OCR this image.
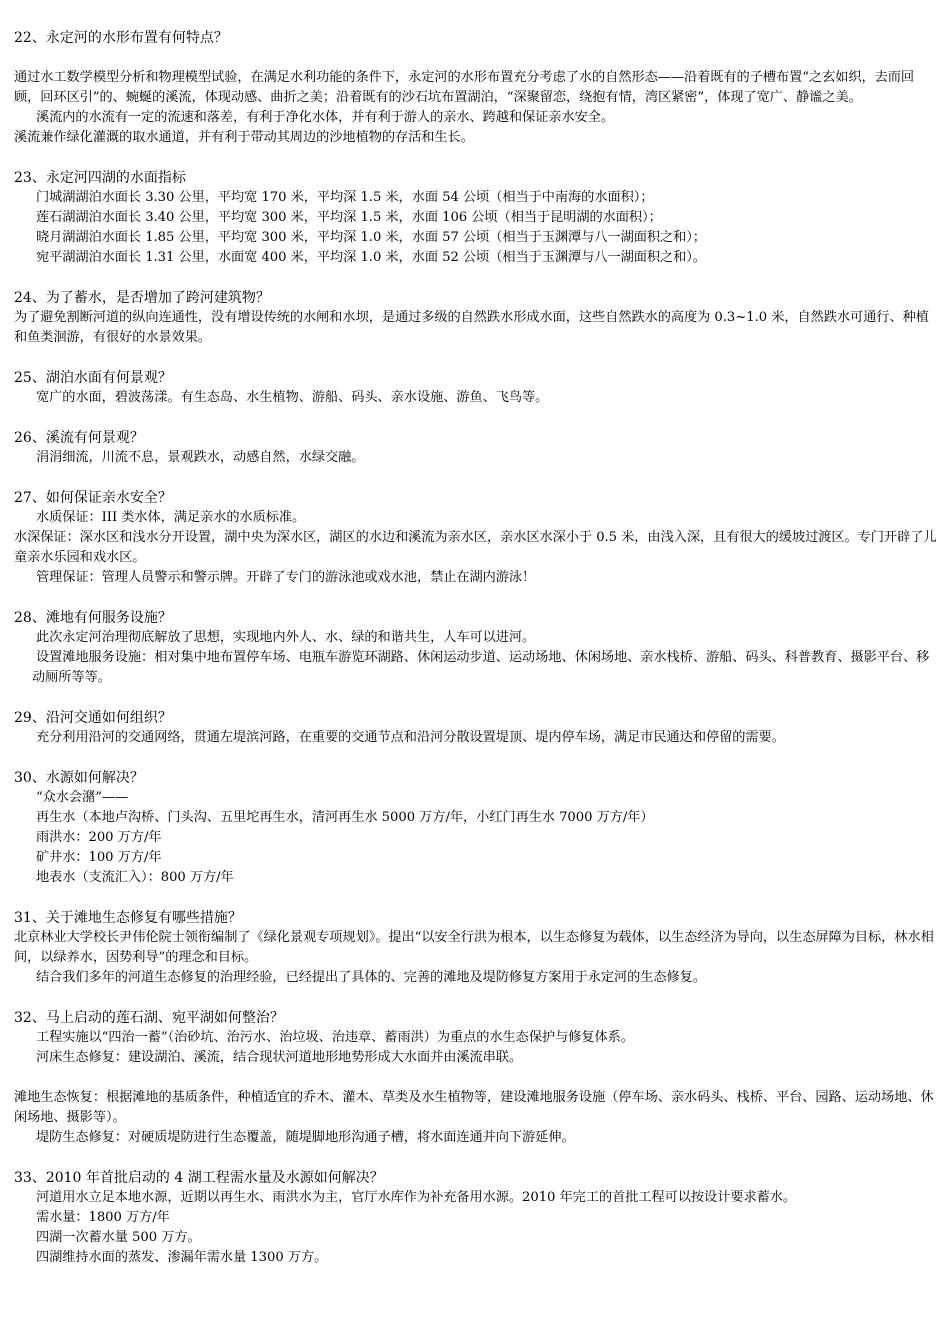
22、永定河的水形布置有何特点？
通过水工数学模型分析和物理模型试验，在满足水利功能的条件下，永定河的水形布置充分考虑了水的自然形态——沿着既有的子槽布置“之玄如织，去而回顾，回环区引”的、蜿蜒的溪流，体现动感、曲折之美；沿着既有的沙石坑布置湖泊，“深聚留恋，绕抱有情，湾区紧密”，体现了宽广、静谧之美。
溪流内的水流有一定的流速和落差，有利于净化水体，并有利于游人的亲水、跨越和保证亲水安全。
溪流兼作绿化灌溉的取水通道，并有利于带动其周边的沙地植物的存活和生长。
23、永定河四湖的水面指标
门城湖湖泊水面长 3.30 公里，平均宽 170 米，平均深 1.5 米，水面 54 公顷（相当于中南海的水面积）；
莲石湖湖泊水面长 3.40 公里，平均宽 300 米，平均深 1.5 米，水面 106 公顷（相当于昆明湖的水面积）；
晓月湖湖泊水面长 1.85 公里，平均宽 300 米，平均深 1.0 米，水面 57 公顷（相当于玉渊潭与八一湖面积之和）；
宛平湖湖泊水面长 1.31 公里，水面宽 400 米，平均深 1.0 米，水面 52 公顷（相当于玉渊潭与八一湖面积之和）。
24、为了蓄水，是否增加了跨河建筑物？
为了避免割断河道的纵向连通性，没有增设传统的水闸和水坝，是通过多级的自然跌水形成水面，这些自然跌水的高度为 0.3~1.0 米，自然跌水可通行、种植和鱼类洄游，有很好的水景效果。
25、湖泊水面有何景观？
宽广的水面，碧波荡漾。有生态岛、水生植物、游船、码头、亲水设施、游鱼、飞鸟等。
26、溪流有何景观？
涓涓细流，川流不息，景观跌水，动感自然，水绿交融。
27、如何保证亲水安全？
水质保证：III 类水体，满足亲水的水质标准。
水深保证：深水区和浅水分开设置，湖中央为深水区，湖区的水边和溪流为亲水区，亲水区水深小于 0.5 米，由浅入深，且有很大的缓坡过渡区。专门开辟了儿童亲水乐园和戏水区。
管理保证：管理人员警示和警示牌。开辟了专门的游泳池或戏水池，禁止在湖内游泳！
28、滩地有何服务设施？
此次永定河治理彻底解放了思想，实现地内外人、水、绿的和谐共生，人车可以进河。
设置滩地服务设施：相对集中地布置停车场、电瓶车游览环湖路、休闲运动步道、运动场地、休闲场地、亲水栈桥、游船、码头、科普教育、摄影平台、移动厕所等等。
29、沿河交通如何组织？
充分利用沿河的交通网络，贯通左堤滨河路，在重要的交通节点和沿河分散设置堤顶、堤内停车场，满足市民通达和停留的需要。
30、水源如何解决？
“众水会潴”——
再生水（本地卢沟桥、门头沟、五里坨再生水，清河再生水 5000 万方/年，小红门再生水 7000 万方/年）
雨洪水：200 万方/年
矿井水：100 万方/年
地表水（支流汇入）：800 万方/年
31、关于滩地生态修复有哪些措施？
北京林业大学校长尹伟伦院士领衔编制了《绿化景观专项规划》。提出“以安全行洪为根本，以生态修复为载体，以生态经济为导向，以生态屏障为目标，林水相间，以绿养水，因势利导”的理念和目标。
结合我们多年的河道生态修复的治理经验，已经提出了具体的、完善的滩地及堤防修复方案用于永定河的生态修复。
32、马上启动的莲石湖、宛平湖如何整治？
工程实施以“四治一蓄”（治砂坑、治污水、治垃圾、治违章、蓄雨洪）为重点的水生态保护与修复体系。
河床生态修复：建设湖泊、溪流，结合现状河道地形地势形成大水面并由溪流串联。
滩地生态恢复：根据滩地的基质条件，种植适宜的乔木、灌木、草类及水生植物等，建设滩地服务设施（停车场、亲水码头、栈桥、平台、园路、运动场地、休闲场地、摄影等）。
堤防生态修复：对硬质堤防进行生态覆盖，随堤脚地形沟通子槽，将水面连通并向下游延伸。
33、2010 年首批启动的 4 湖工程需水量及水源如何解决？
河道用水立足本地水源，近期以再生水、雨洪水为主，官厅水库作为补充备用水源。2010 年完工的首批工程可以按设计要求蓄水。
需水量：1800 万方/年
四湖一次蓄水量 500 万方。
四湖维持水面的蒸发、渗漏年需水量 1300 万方。
